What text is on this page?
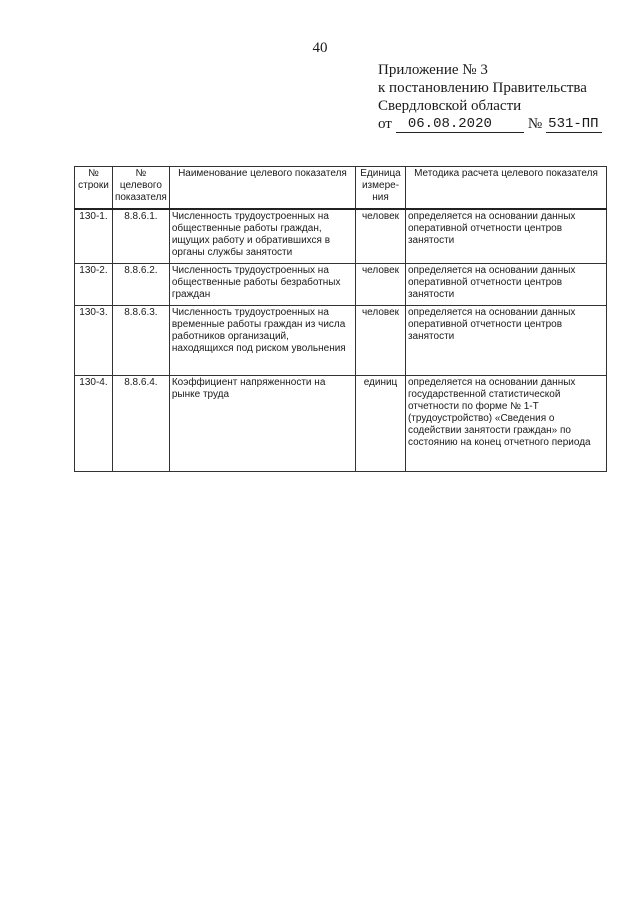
40
Приложение № 3
к постановлению Правительства
Свердловской области
от	06.08.2020	№ 531-ПП
№ строки	№ целевого показателя	Наименование целевого показателя	Единица измере-ния	Методика расчета целевого показателя
130-1.	8.8.6.1.	Численность трудоустроенных на общественные работы граждан, ищущих работу и обратившихся в органы службы занятости	человек	определяется на основании данных оперативной отчетности центров занятости
130-2.	8.8.6.2.	Численность трудоустроенных на общественные работы безработных граждан	человек	определяется на основании данных оперативной отчетности центров занятости
130-3.	8.8.6.3.	Численность трудоустроенных на временные работы граждан из числа работников организаций, находящихся под риском увольнения	человек	определяется на основании данных оперативной отчетности центров занятости
130-4.	8.8.6.4.	Коэффициент напряженности на рынке труда	единиц	определяется на основании данных государственной статистической отчетности по форме № 1-Т (трудоустройство) «Сведения о содействии занятости граждан» по состоянию на конец отчетного периода
